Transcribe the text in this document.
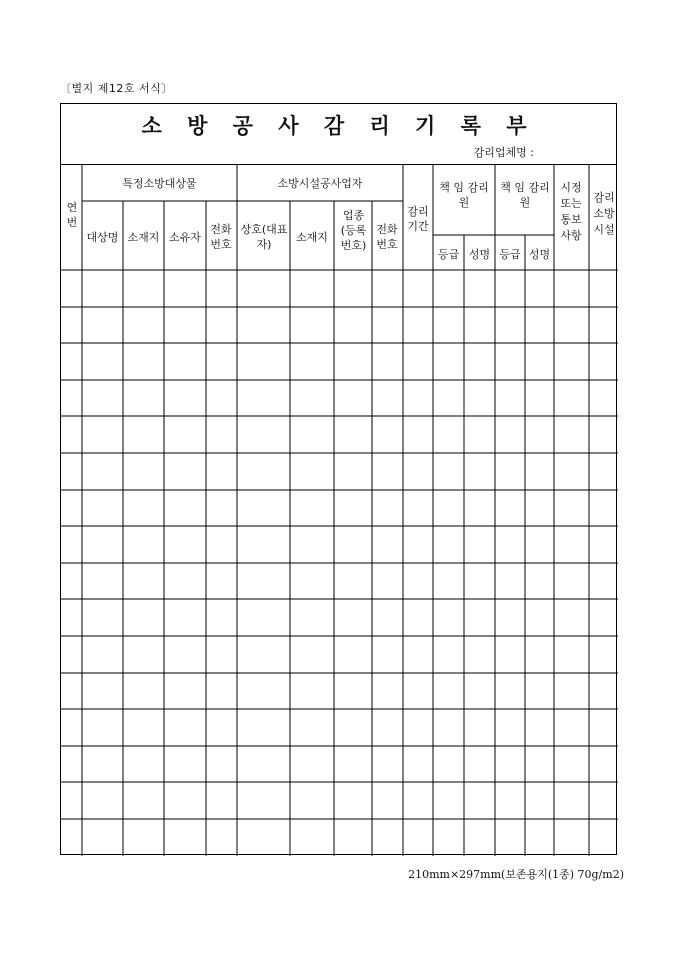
〔별지 제12호 서식〕
소 방 공 사 감 리 기 록 부
감리업체명 :
연번
특정소방대상물
대상명 소재지 소유자
전화번호
소방시설공사업자
상호(대표자)
소재지
업종(등록번호)
전화번호
감리기간
책 임 감리원
등급 성명
책 임 감리원
등급 성명
시정또는통보사항
감리소방시설
210mm×297mm(보존용지(1종) 70g/m2)
